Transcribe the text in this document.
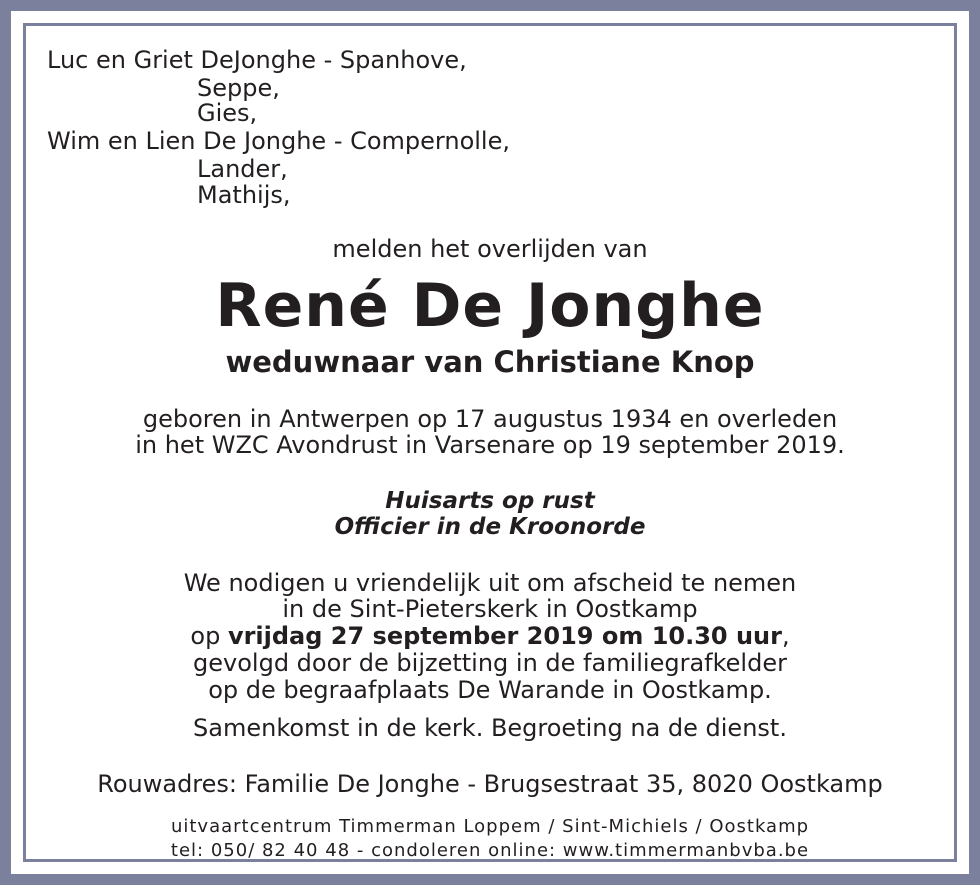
Luc en Griet DeJonghe - Spanhove,
Seppe,
Gies,
Wim en Lien De Jonghe - Compernolle,
Lander,
Mathijs,
melden het overlijden van
René De Jonghe
weduwnaar van Christiane Knop
geboren in Antwerpen op 17 augustus 1934 en overleden
in het WZC Avondrust in Varsenare op 19 september 2019.
Huisarts op rust
Officier in de Kroonorde
We nodigen u vriendelijk uit om afscheid te nemen
in de Sint-Pieterskerk in Oostkamp
op vrijdag 27 september 2019 om 10.30 uur,
gevolgd door de bijzetting in de familiegrafkelder
op de begraafplaats De Warande in Oostkamp.
Samenkomst in de kerk. Begroeting na de dienst.
Rouwadres: Familie De Jonghe - Brugsestraat 35, 8020 Oostkamp
uitvaartcentrum Timmerman Loppem / Sint-Michiels / Oostkamp
tel: 050/ 82 40 48 - condoleren online: www.timmermanbvba.be
